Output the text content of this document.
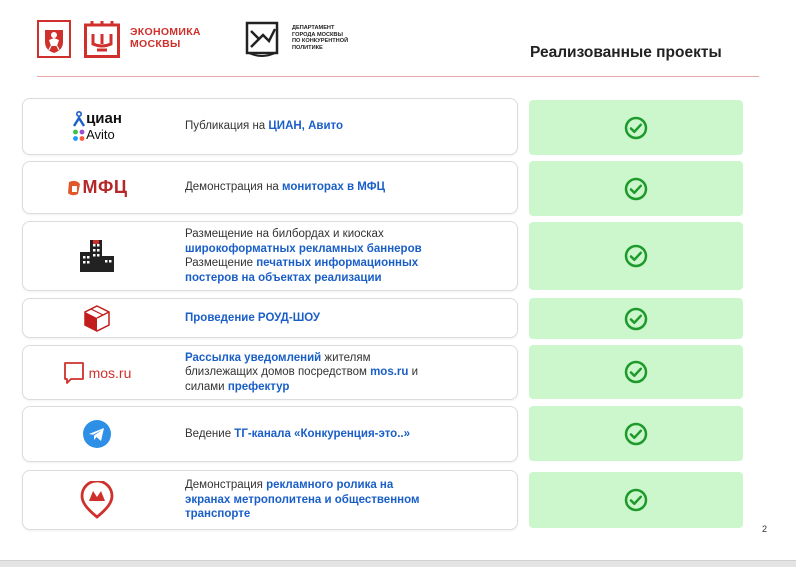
ЭКОНОМИКА
МОСКВЫ
ДЕПАРТАМЕНТ
ГОРОДА МОСКВЫ
ПО КОНКУРЕНТНОЙ
ПОЛИТИКЕ	Реализованные проекты
циан
Avito
Публикация на ЦИАН, Авито
МФЦ	Демонстрация на мониторах в МФЦ
Размещение на билбордах и киосках
широкоформатных рекламных баннеров
Размещение печатных информационных
постеров на объектах реализации
Проведение РОУД-ШОУ
mos.ru
Рассылка уведомлений жителям
близлежащих домов посредством mos.ru и
силами префектур
Ведение ТГ-канала «Конкуренция-это..»
Демонстрация рекламного ролика на
экранах метрополитена и общественном
транспорте
2
